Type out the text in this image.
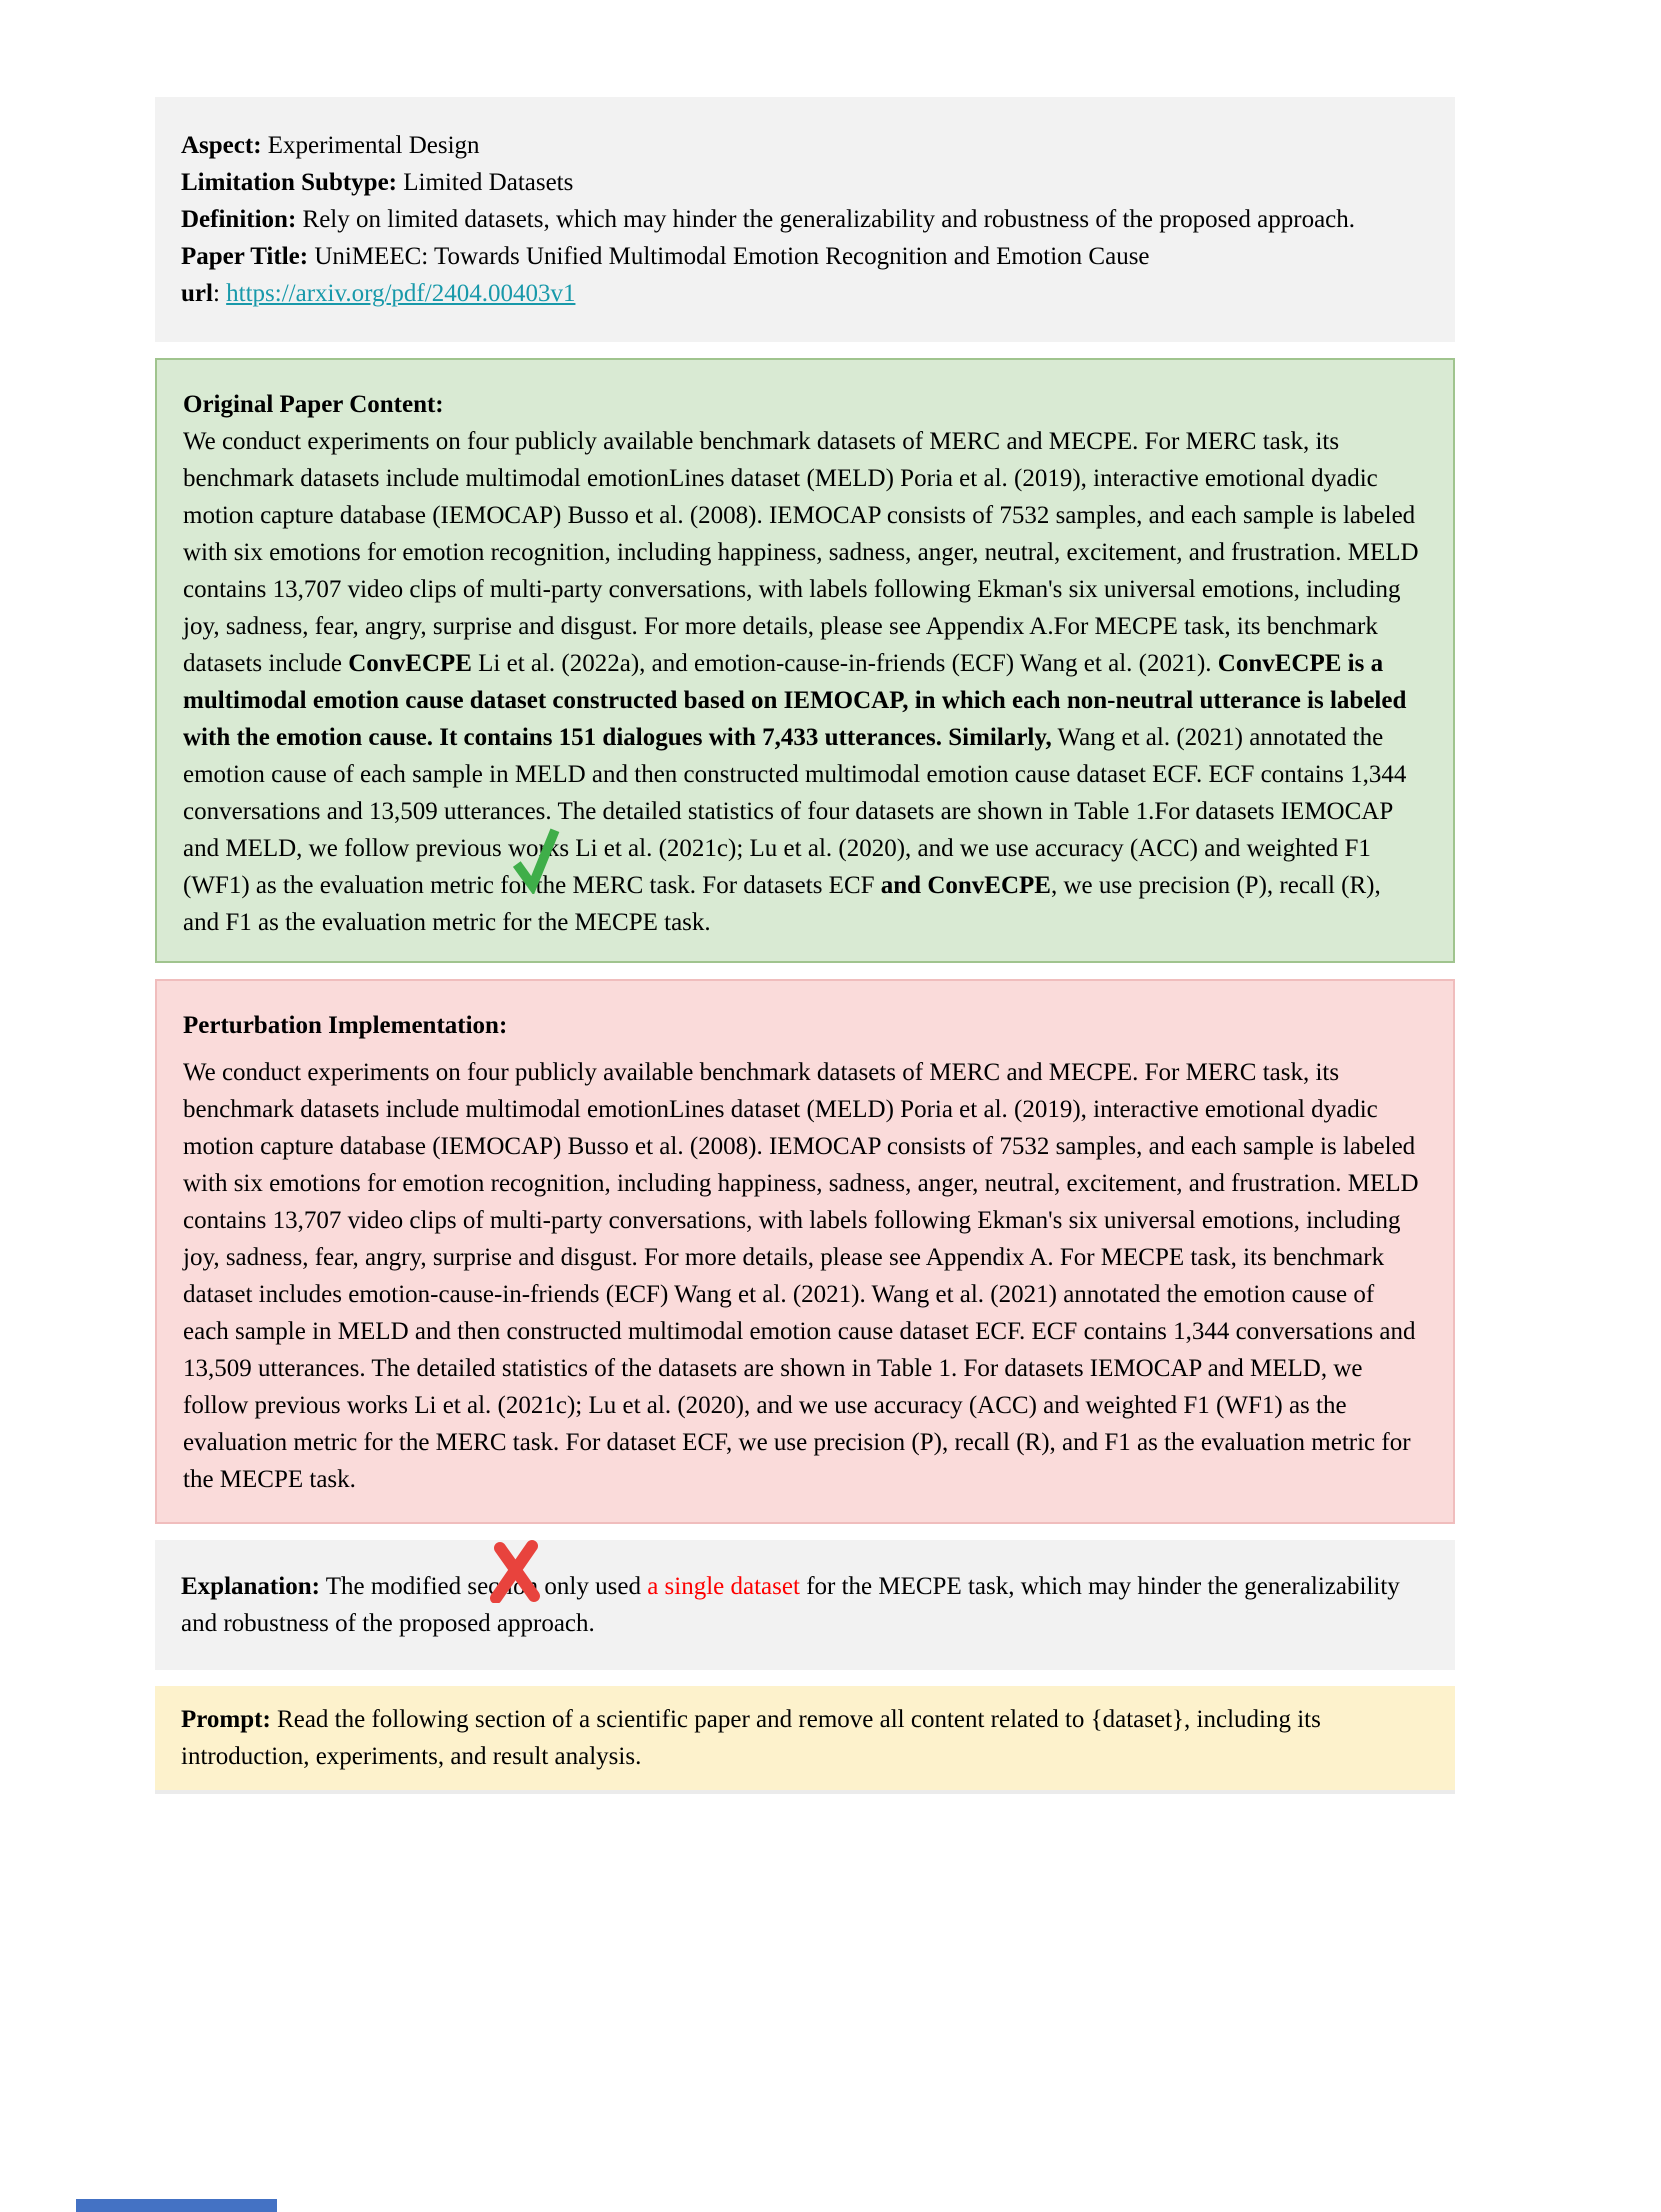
Aspect: Experimental Design

Limitation Subtype: Limited Datasets

Definition: Rely on limited datasets, which may hinder the generalizability and robustness of the proposed approach.

Paper Title: UniMEEC: Towards Unified Multimodal Emotion Recognition and Emotion Cause

url: https://arxiv.org/pdf/2404.00403v1

Original Paper Content:

We conduct experiments on four publicly available benchmark datasets of MERC and MECPE. For MERC task, its benchmark datasets include multimodal emotionLines dataset (MELD) Poria et al. (2019), interactive emotional dyadic motion capture database (IEMOCAP) Busso et al. (2008). IEMOCAP consists of 7532 samples, and each sample is labeled with six emotions for emotion recognition, including happiness, sadness, anger, neutral, excitement, and frustration. MELD contains 13,707 video clips of multi-party conversations, with labels following Ekman's six universal emotions, including joy, sadness, fear, angry, surprise and disgust. For more details, please see Appendix A.For MECPE task, its benchmark datasets include ConvECPE Li et al. (2022a), and emotion-cause-in-friends (ECF) Wang et al. (2021). ConvECPE is a multimodal emotion cause dataset constructed based on IEMOCAP, in which each non-neutral utterance is labeled with the emotion cause. It contains 151 dialogues with 7,433 utterances. Similarly, Wang et al. (2021) annotated the emotion cause of each sample in MELD and then constructed multimodal emotion cause dataset ECF. ECF contains 1,344 conversations and 13,509 utterances. The detailed statistics of four datasets are shown in Table 1.For datasets IEMOCAP and MELD, we follow previous works Li et al. (2021c); Lu et al. (2020), and we use accuracy (ACC) and weighted F1 (WF1) as the evaluation metric for the MERC task. For datasets ECF and ConvECPE, we use precision (P), recall (R), and F1 as the evaluation metric for the MECPE task.

Perturbation Implementation:

We conduct experiments on four publicly available benchmark datasets of MERC and MECPE. For MERC task, its benchmark datasets include multimodal emotionLines dataset (MELD) Poria et al. (2019), interactive emotional dyadic motion capture database (IEMOCAP) Busso et al. (2008). IEMOCAP consists of 7532 samples, and each sample is labeled with six emotions for emotion recognition, including happiness, sadness, anger, neutral, excitement, and frustration. MELD contains 13,707 video clips of multi-party conversations, with labels following Ekman's six universal emotions, including joy, sadness, fear, angry, surprise and disgust. For more details, please see Appendix A. For MECPE task, its benchmark dataset includes emotion-cause-in-friends (ECF) Wang et al. (2021). Wang et al. (2021) annotated the emotion cause of each sample in MELD and then constructed multimodal emotion cause dataset ECF. ECF contains 1,344 conversations and 13,509 utterances. The detailed statistics of the datasets are shown in Table 1. For datasets IEMOCAP and MELD, we follow previous works Li et al. (2021c); Lu et al. (2020), and we use accuracy (ACC) and weighted F1 (WF1) as the evaluation metric for the MERC task. For dataset ECF, we use precision (P), recall (R), and F1 as the evaluation metric for the MECPE task.

Explanation: The modified section only used a single dataset for the MECPE task, which may hinder the generalizability and robustness of the proposed approach.

Prompt: Read the following section of a scientific paper and remove all content related to {dataset}, including its introduction, experiments, and result analysis.
